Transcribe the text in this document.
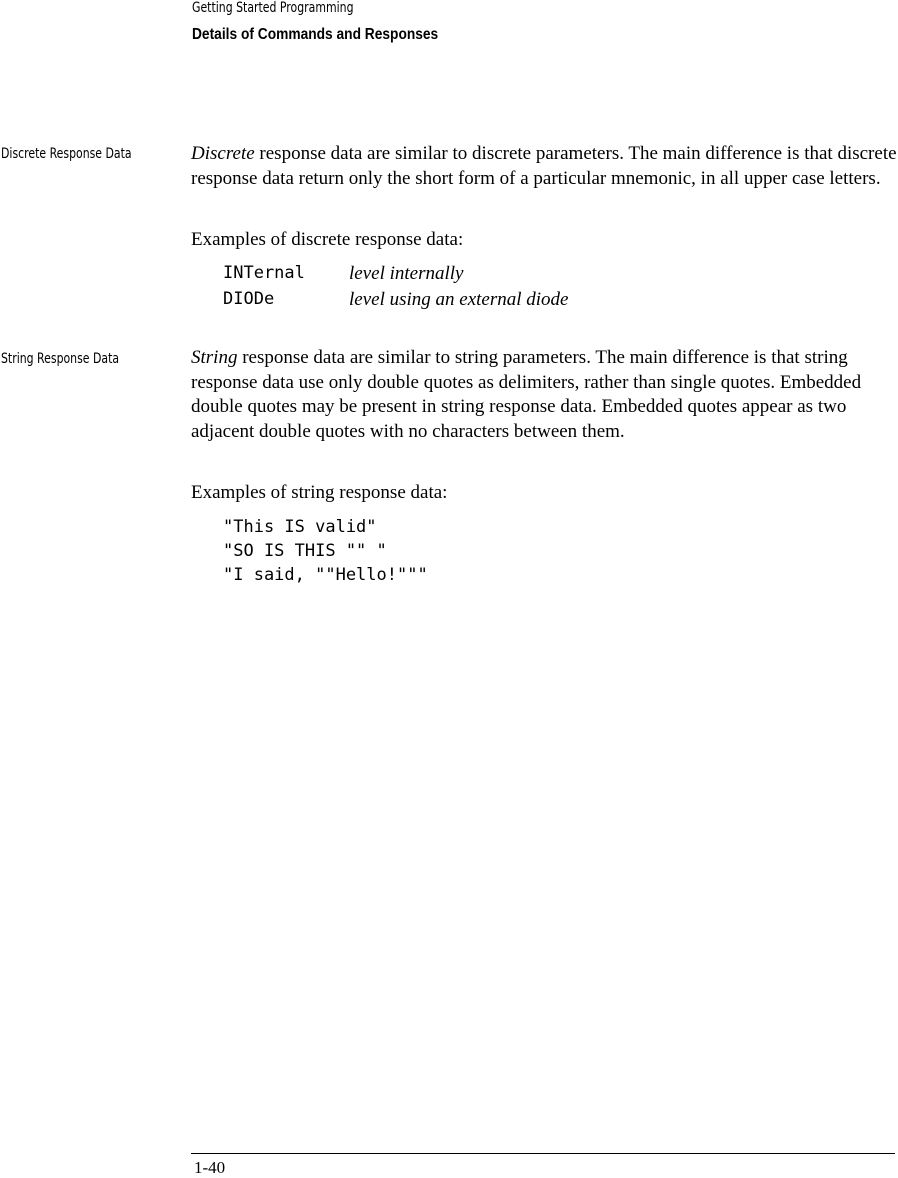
Getting Started Programming
Details of Commands and Responses
Discrete Response Data	Discrete response data are similar to discrete parameters. The main difference is that discrete response data return only the short form of a particular mnemonic, in all upper case letters.

Examples of discrete response data:
INTernal level internally
DIODe	level using an external diode
String Response Data	String response data are similar to string parameters. The main difference is that string response data use only double quotes as delimiters, rather than single quotes. Embedded double quotes may be present in string response data. Embedded quotes appear as two adjacent double quotes with no characters between them.

Examples of string response data:
"This IS valid"
"SO IS THIS "" "
"I said, ""Hello!"""
1-40
